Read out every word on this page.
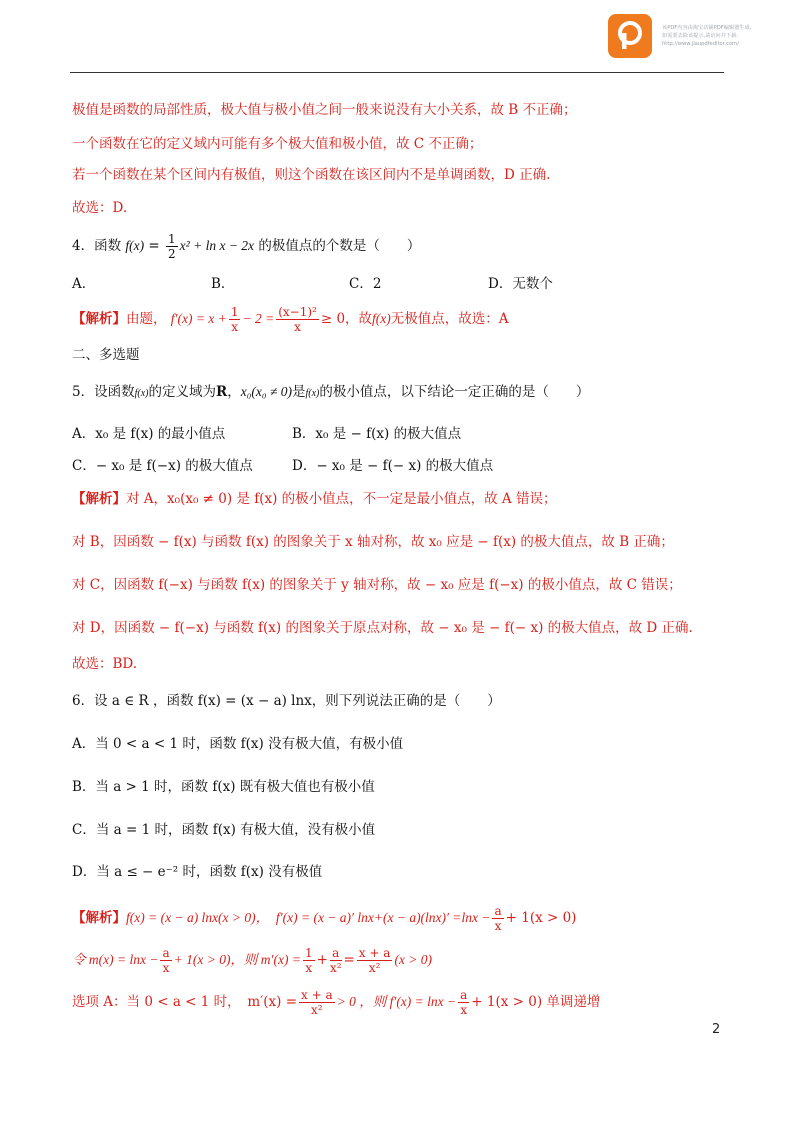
该PDF内容由淘宝店铺PDF编辑器生成,
如需要去除该提示,请访问并下载:
http://www.jiaupdfeditor.com/
极值是函数的局部性质，极大值与极小值之间一般来说没有大小关系，故 B 不正确；
一个函数在它的定义域内可能有多个极大值和极小值，故 C 不正确；
若一个函数在某个区间内有极值，则这个函数在该区间内不是单调函数，D 正确.
故选：D.
4．函数 $f(x) = \frac{1}{2} x^2 + \ln x - 2x$ 的极值点的个数是（　　）
A．	B．	C．2	D．无数个
【解析】由题， $f'(x) = x + \frac{1}{x} - 2 = \frac{\text{(x−1)²}}{x} \ge 0$，故f(x)无极值点，故选：A
二、多选题
5．设函数f(x)的定义域为R，x₀(x₀ ≠ 0)是f(x)的极小值点，以下结论一定正确的是（　　）
A．x₀ 是 f(x) 的最小值点	B．x₀ 是 − f(x) 的极大值点
C．− x₀ 是 f(−x) 的极大值点	D．− x₀ 是 − f(− x) 的极大值点
【解析】对 A，x₀(x₀ ≠ 0) 是 f(x) 的极小值点，不一定是最小值点，故 A 错误；
对 B，因函数 − f(x) 与函数 f(x) 的图象关于 x 轴对称，故 x₀ 应是 − f(x) 的极大值点，故 B 正确；
对 C，因函数 f(−x) 与函数 f(x) 的图象关于 y 轴对称，故 − x₀ 应是 f(−x) 的极小值点，故 C 错误；
对 D，因函数 − f(−x) 与函数 f(x) 的图象关于原点对称，故 − x₀ 是 − f(− x) 的极大值点，故 D 正确.
故选：BD.
6．设 a ∈ R ，函数 f(x) = (x − a) lnx，则下列说法正确的是（　　）
A．当 0 < a < 1 时，函数 f(x) 没有极大值，有极小值
B．当 a > 1 时，函数 f(x) 既有极大值也有极小值
C．当 a = 1 时，函数 f(x) 有极大值，没有极小值
D．当 a ≤ − e⁻² 时，函数 f(x) 没有极值
【解析】f(x) = (x − a) lnx(x > 0)，　f′(x) = (x − a)′ $\ln x+(x - a)(\ln x)' =\ln x - \frac{a}{x} + 1(x > 0)$
令 $m(x) = \ln x - \frac{a}{x} + 1(x > 0)$，则 $m'(x) = \frac{1}{x} + \frac{a}{\text{x²}} = \frac{x + a}{\text{x²}} (x > 0)$
选项 A：当 0 < a < 1 时，　$m'(x) = \frac{x + a}{\text{x²}} > 0$ ，则 $f'(x) = \ln x - \frac{a}{x} + 1(x > 0)$ 单调递增
2
